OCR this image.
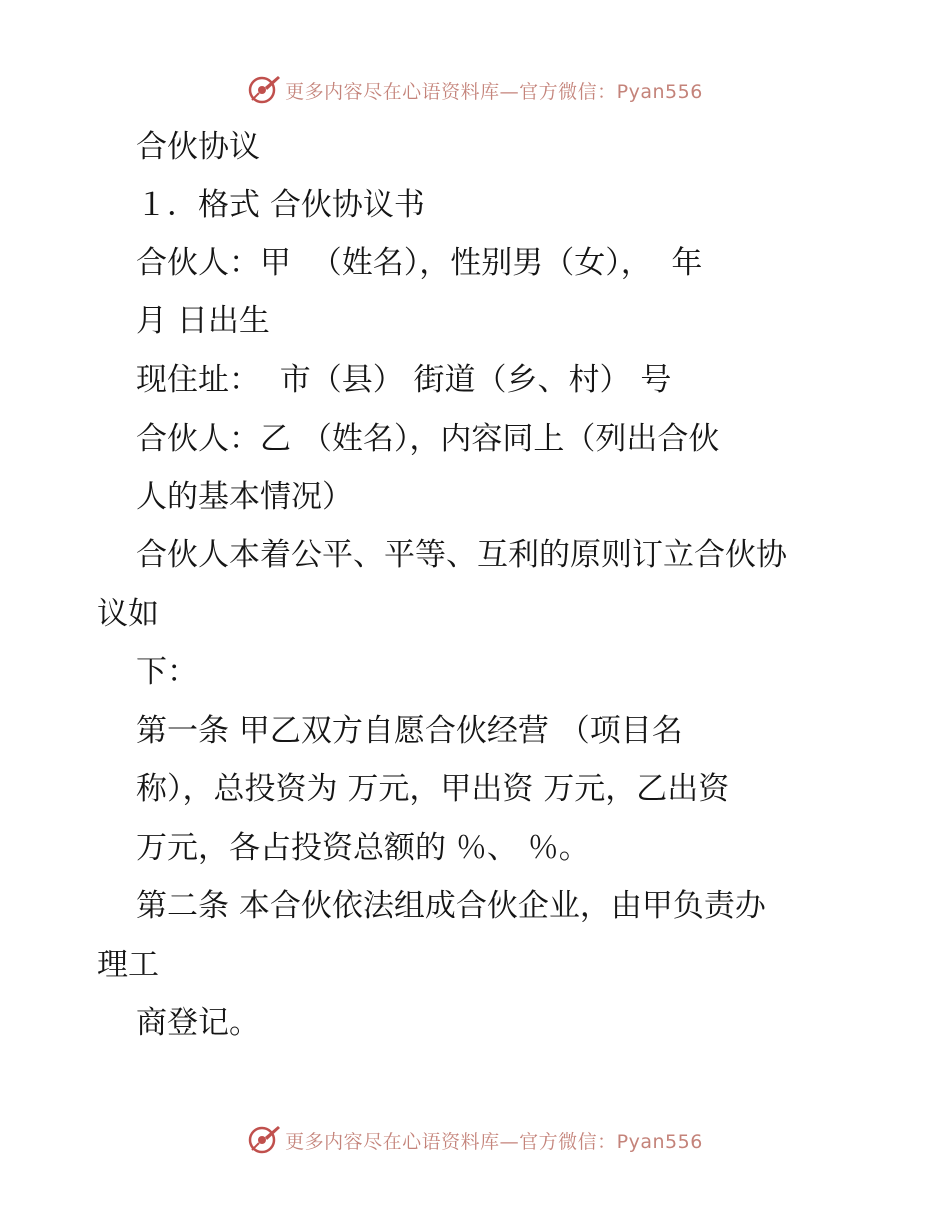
更多内容尽在心语资料库—官方微信：Pyan556
合伙协议
１．格式 合伙协议书
合伙人：甲  （姓名），性别男（女），  年
月 日出生
现住址：  市（县） 街道（乡、村） 号
合伙人：乙 （姓名），内容同上（列出合伙
人的基本情况）
合伙人本着公平、平等、互利的原则订立合伙协
议如
下：
第一条 甲乙双方自愿合伙经营 （项目名
称），总投资为 万元，甲出资 万元，乙出资
万元，各占投资总额的 ％、 ％。
第二条 本合伙依法组成合伙企业，由甲负责办
理工
商登记。
更多内容尽在心语资料库—官方微信：Pyan556
